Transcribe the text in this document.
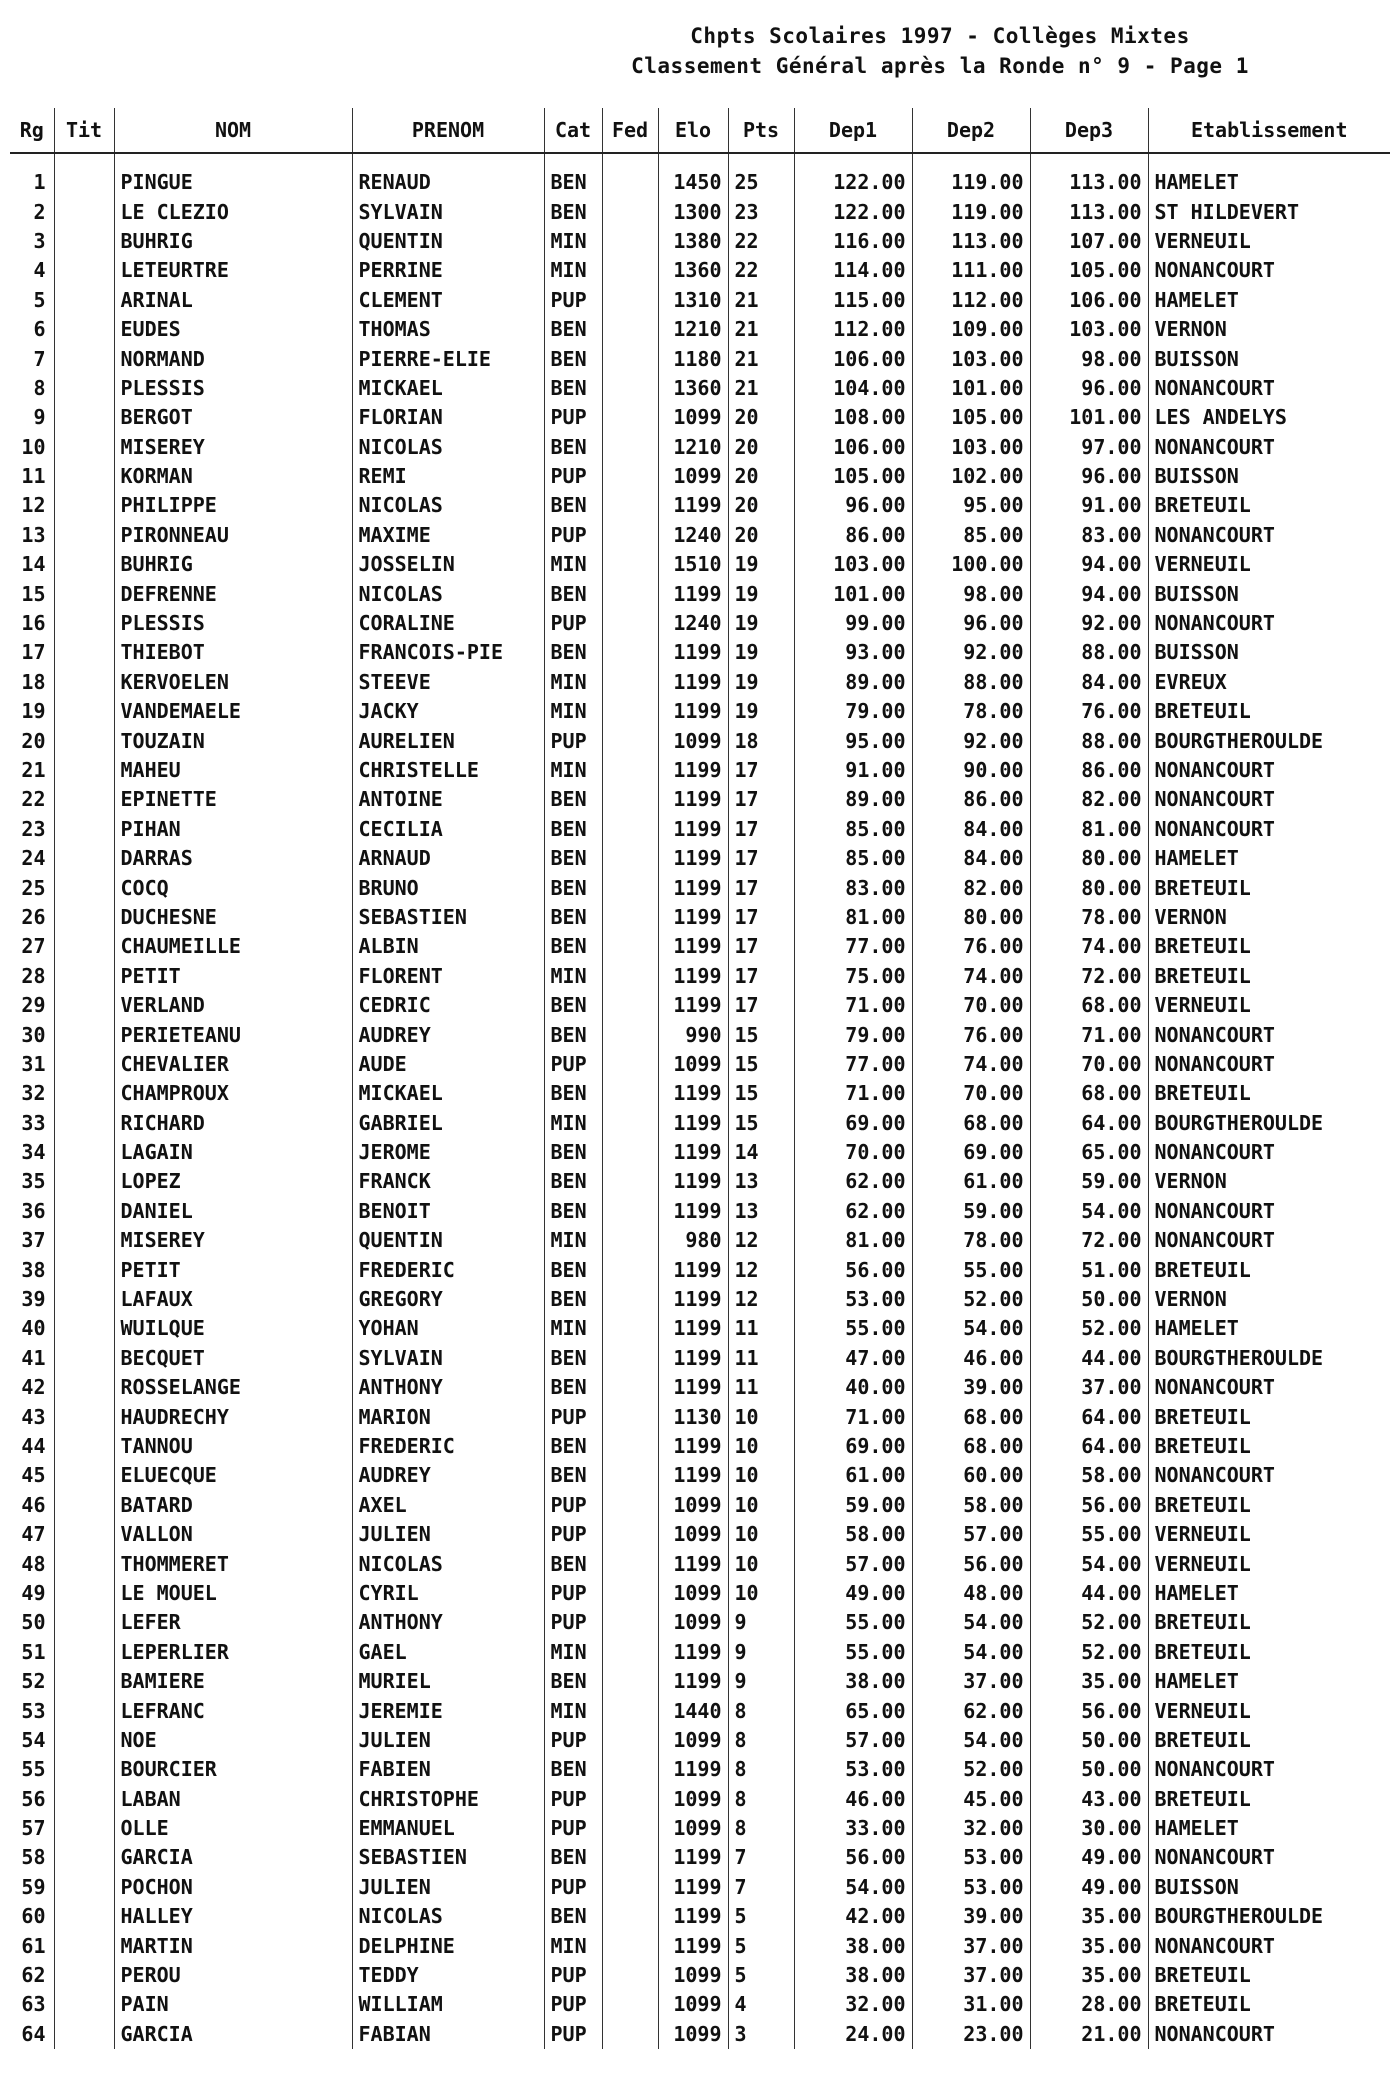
Chpts Scolaires 1997 - Collèges Mixtes
Classement Général après la Ronde n° 9 - Page 1
Rg	Tit	NOM	PRENOM	Cat	Fed	Elo	Pts	Dep1	Dep2	Dep3	Etablissement

1		PINGUE	RENAUD	BEN		1450	25	122.00	119.00	113.00	HAMELET
2		LE CLEZIO	SYLVAIN	BEN		1300	23	122.00	119.00	113.00	ST HILDEVERT
3		BUHRIG	QUENTIN	MIN		1380	22	116.00	113.00	107.00	VERNEUIL
4		LETEURTRE	PERRINE	MIN		1360	22	114.00	111.00	105.00	NONANCOURT
5		ARINAL	CLEMENT	PUP		1310	21	115.00	112.00	106.00	HAMELET
6		EUDES	THOMAS	BEN		1210	21	112.00	109.00	103.00	VERNON
7		NORMAND	PIERRE-ELIE	BEN		1180	21	106.00	103.00	98.00	BUISSON
8		PLESSIS	MICKAEL	BEN		1360	21	104.00	101.00	96.00	NONANCOURT
9		BERGOT	FLORIAN	PUP		1099	20	108.00	105.00	101.00	LES ANDELYS
10		MISEREY	NICOLAS	BEN		1210	20	106.00	103.00	97.00	NONANCOURT
11		KORMAN	REMI	PUP		1099	20	105.00	102.00	96.00	BUISSON
12		PHILIPPE	NICOLAS	BEN		1199	20	96.00	95.00	91.00	BRETEUIL
13		PIRONNEAU	MAXIME	PUP		1240	20	86.00	85.00	83.00	NONANCOURT
14		BUHRIG	JOSSELIN	MIN		1510	19	103.00	100.00	94.00	VERNEUIL
15		DEFRENNE	NICOLAS	BEN		1199	19	101.00	98.00	94.00	BUISSON
16		PLESSIS	CORALINE	PUP		1240	19	99.00	96.00	92.00	NONANCOURT
17		THIEBOT	FRANCOIS-PIE	BEN		1199	19	93.00	92.00	88.00	BUISSON
18		KERVOELEN	STEEVE	MIN		1199	19	89.00	88.00	84.00	EVREUX
19		VANDEMAELE	JACKY	MIN		1199	19	79.00	78.00	76.00	BRETEUIL
20		TOUZAIN	AURELIEN	PUP		1099	18	95.00	92.00	88.00	BOURGTHEROULDE
21		MAHEU	CHRISTELLE	MIN		1199	17	91.00	90.00	86.00	NONANCOURT
22		EPINETTE	ANTOINE	BEN		1199	17	89.00	86.00	82.00	NONANCOURT
23		PIHAN	CECILIA	BEN		1199	17	85.00	84.00	81.00	NONANCOURT
24		DARRAS	ARNAUD	BEN		1199	17	85.00	84.00	80.00	HAMELET
25		COCQ	BRUNO	BEN		1199	17	83.00	82.00	80.00	BRETEUIL
26		DUCHESNE	SEBASTIEN	BEN		1199	17	81.00	80.00	78.00	VERNON
27		CHAUMEILLE	ALBIN	BEN		1199	17	77.00	76.00	74.00	BRETEUIL
28		PETIT	FLORENT	MIN		1199	17	75.00	74.00	72.00	BRETEUIL
29		VERLAND	CEDRIC	BEN		1199	17	71.00	70.00	68.00	VERNEUIL
30		PERIETEANU	AUDREY	BEN		990	15	79.00	76.00	71.00	NONANCOURT
31		CHEVALIER	AUDE	PUP		1099	15	77.00	74.00	70.00	NONANCOURT
32		CHAMPROUX	MICKAEL	BEN		1199	15	71.00	70.00	68.00	BRETEUIL
33		RICHARD	GABRIEL	MIN		1199	15	69.00	68.00	64.00	BOURGTHEROULDE
34		LAGAIN	JEROME	BEN		1199	14	70.00	69.00	65.00	NONANCOURT
35		LOPEZ	FRANCK	BEN		1199	13	62.00	61.00	59.00	VERNON
36		DANIEL	BENOIT	BEN		1199	13	62.00	59.00	54.00	NONANCOURT
37		MISEREY	QUENTIN	MIN		980	12	81.00	78.00	72.00	NONANCOURT
38		PETIT	FREDERIC	BEN		1199	12	56.00	55.00	51.00	BRETEUIL
39		LAFAUX	GREGORY	BEN		1199	12	53.00	52.00	50.00	VERNON
40		WUILQUE	YOHAN	MIN		1199	11	55.00	54.00	52.00	HAMELET
41		BECQUET	SYLVAIN	BEN		1199	11	47.00	46.00	44.00	BOURGTHEROULDE
42		ROSSELANGE	ANTHONY	BEN		1199	11	40.00	39.00	37.00	NONANCOURT
43		HAUDRECHY	MARION	PUP		1130	10	71.00	68.00	64.00	BRETEUIL
44		TANNOU	FREDERIC	BEN		1199	10	69.00	68.00	64.00	BRETEUIL
45		ELUECQUE	AUDREY	BEN		1199	10	61.00	60.00	58.00	NONANCOURT
46		BATARD	AXEL	PUP		1099	10	59.00	58.00	56.00	BRETEUIL
47		VALLON	JULIEN	PUP		1099	10	58.00	57.00	55.00	VERNEUIL
48		THOMMERET	NICOLAS	BEN		1199	10	57.00	56.00	54.00	VERNEUIL
49		LE MOUEL	CYRIL	PUP		1099	10	49.00	48.00	44.00	HAMELET
50		LEFER	ANTHONY	PUP		1099	9	55.00	54.00	52.00	BRETEUIL
51		LEPERLIER	GAEL	MIN		1199	9	55.00	54.00	52.00	BRETEUIL
52		BAMIERE	MURIEL	BEN		1199	9	38.00	37.00	35.00	HAMELET
53		LEFRANC	JEREMIE	MIN		1440	8	65.00	62.00	56.00	VERNEUIL
54		NOE	JULIEN	PUP		1099	8	57.00	54.00	50.00	BRETEUIL
55		BOURCIER	FABIEN	BEN		1199	8	53.00	52.00	50.00	NONANCOURT
56		LABAN	CHRISTOPHE	PUP		1099	8	46.00	45.00	43.00	BRETEUIL
57		OLLE	EMMANUEL	PUP		1099	8	33.00	32.00	30.00	HAMELET
58		GARCIA	SEBASTIEN	BEN		1199	7	56.00	53.00	49.00	NONANCOURT
59		POCHON	JULIEN	PUP		1199	7	54.00	53.00	49.00	BUISSON
60		HALLEY	NICOLAS	BEN		1199	5	42.00	39.00	35.00	BOURGTHEROULDE
61		MARTIN	DELPHINE	MIN		1199	5	38.00	37.00	35.00	NONANCOURT
62		PEROU	TEDDY	PUP		1099	5	38.00	37.00	35.00	BRETEUIL
63		PAIN	WILLIAM	PUP		1099	4	32.00	31.00	28.00	BRETEUIL
64		GARCIA	FABIAN	PUP		1099	3	24.00	23.00	21.00	NONANCOURT
